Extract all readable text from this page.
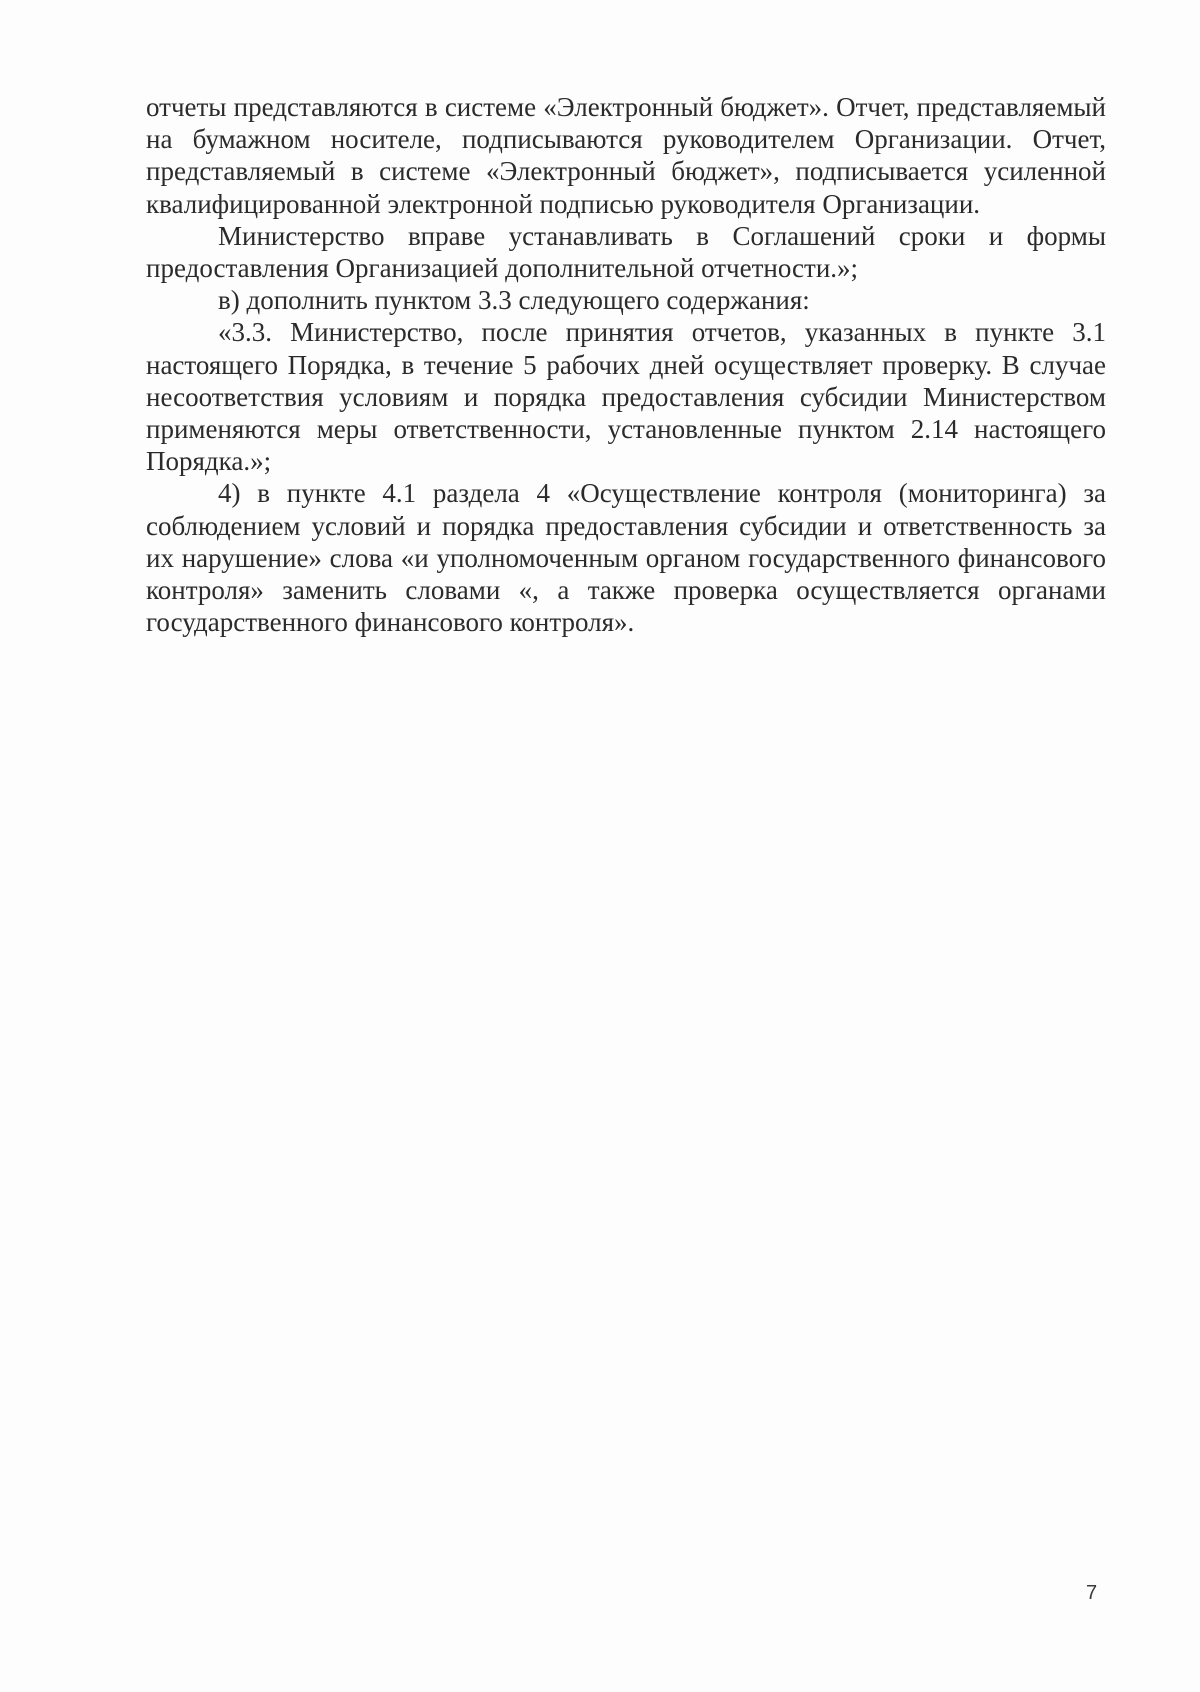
отчеты представляются в системе «Электронный бюджет». Отчет, представляемый на бумажном носителе, подписываются руководителем Организации. Отчет, представляемый в системе «Электронный бюджет», подписывается усиленной квалифицированной электронной подписью руководителя Организации.

Министерство вправе устанавливать в Соглашений сроки и формы предоставления Организацией дополнительной отчетности.»;

в) дополнить пунктом 3.3 следующего содержания:

«3.3. Министерство, после принятия отчетов, указанных в пункте 3.1 настоящего Порядка, в течение 5 рабочих дней осуществляет проверку. В случае несоответствия условиям и порядка предоставления субсидии Министерством применяются меры ответственности, установленные пунктом 2.14 настоящего Порядка.»;

4) в пункте 4.1 раздела 4 «Осуществление контроля (мониторинга) за соблюдением условий и порядка предоставления субсидии и ответственность за их нарушение» слова «и уполномоченным органом государственного финансового контроля» заменить словами «, а также проверка осуществляется органами государственного финансового контроля».

7
